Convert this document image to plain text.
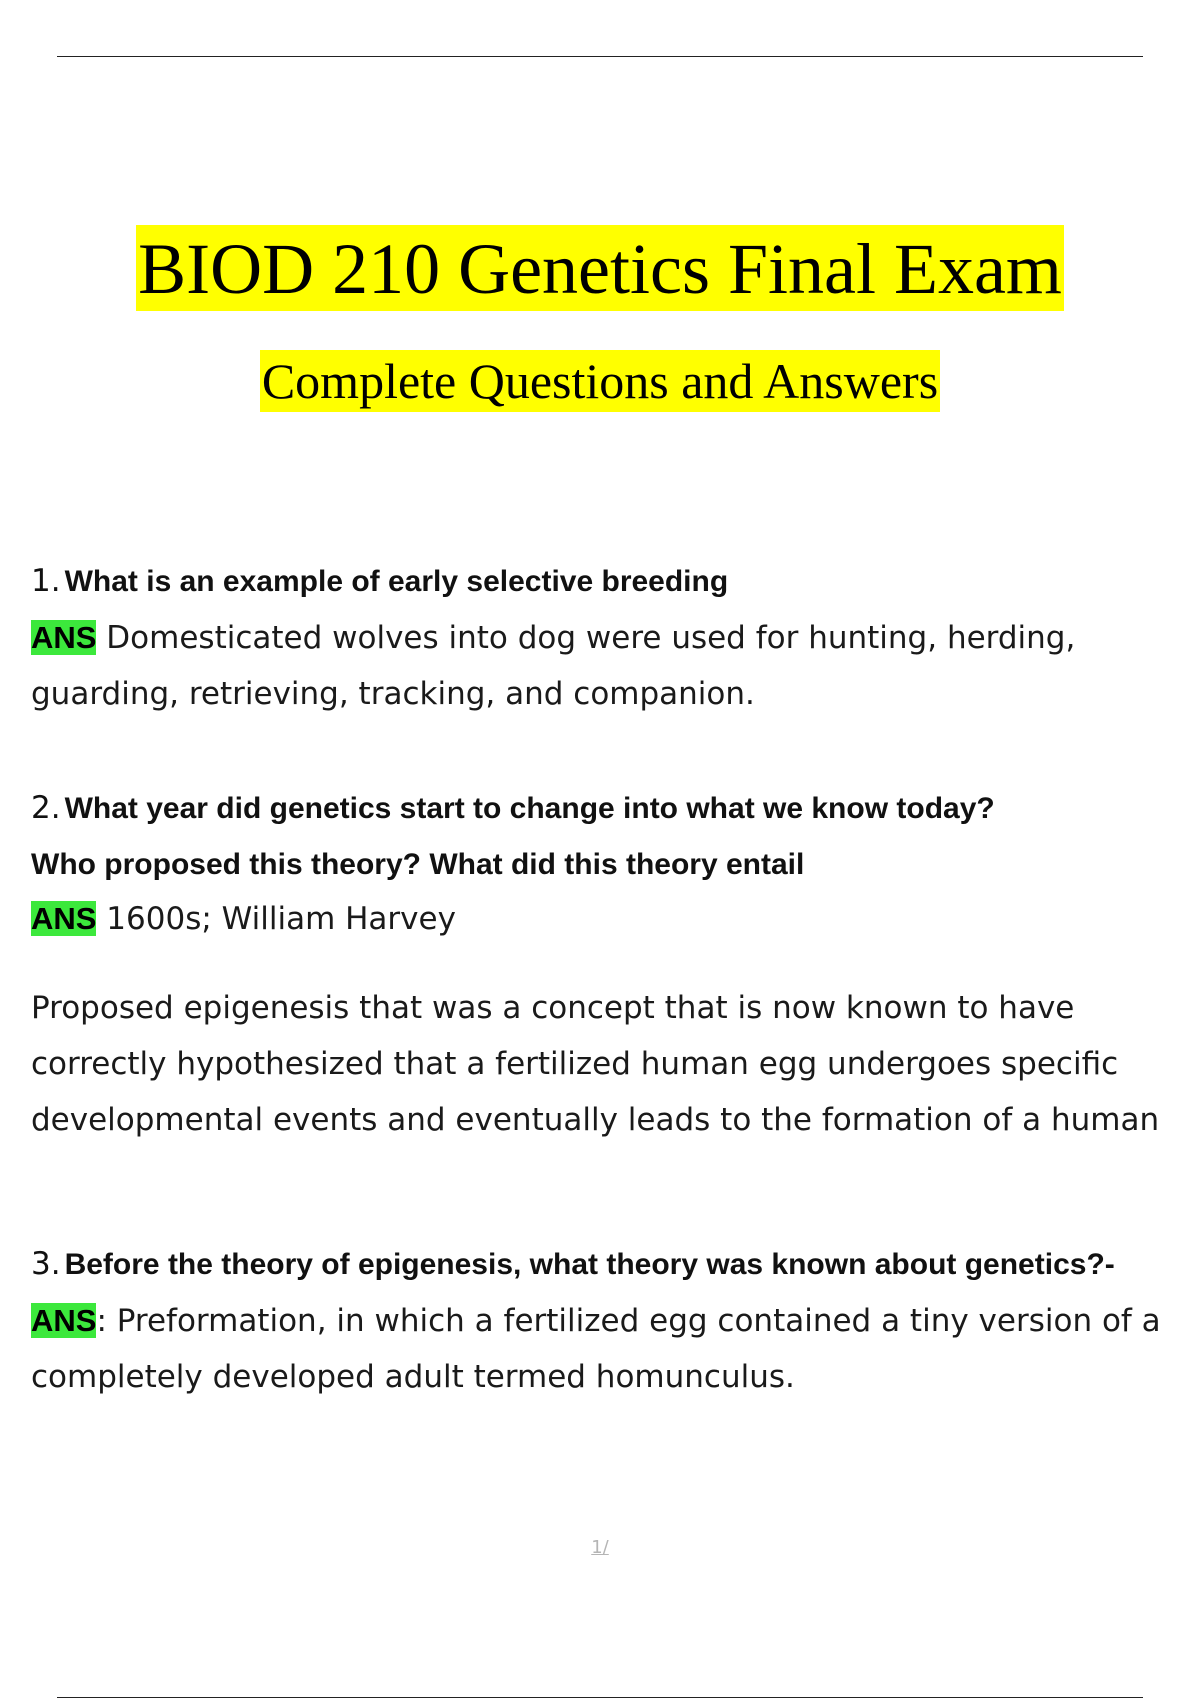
BIOD 210 Genetics Final Exam
Complete Questions and Answers
1. What is an example of early selective breeding
ANS Domesticated wolves into dog were used for hunting, herding,
guarding, retrieving, tracking, and companion.
2. What year did genetics start to change into what we know today?
Who proposed this theory? What did this theory entail
ANS 1600s; William Harvey
Proposed epigenesis that was a concept that is now known to have
correctly hypothesized that a fertilized human egg undergoes specific
developmental events and eventually leads to the formation of a human
3. Before the theory of epigenesis, what theory was known about genetics?-
ANS: Preformation, in which a fertilized egg contained a tiny version of a
completely developed adult termed homunculus.
1/
